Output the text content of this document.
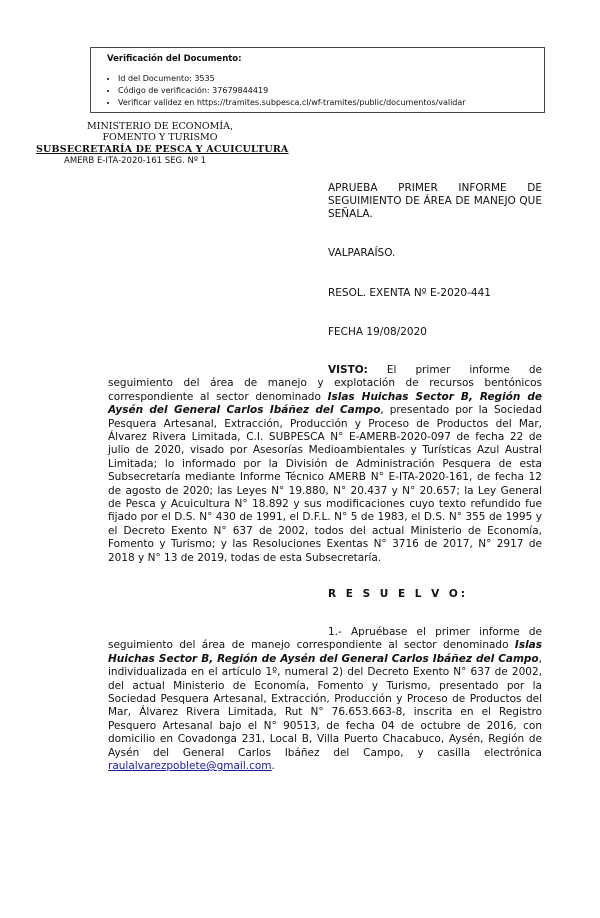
Verificación del Documento:
• Id del Documento: 3535
• Código de verificación: 37679844419
• Verificar validez en https://tramites.subpesca.cl/wf-tramites/public/documentos/validar
MINISTERIO DE ECONOMÍA,
FOMENTO Y TURISMO
SUBSECRETARÍA DE PESCA Y ACUICULTURA
AMERB E-ITA-2020-161 SEG. Nº 1
APRUEBA PRIMER INFORME DE SEGUIMIENTO DE ÁREA DE MANEJO QUE SEÑALA.
VALPARAÍSO.
RESOL. EXENTA Nº E-2020-441
FECHA 19/08/2020
VISTO: El primer informe de seguimiento del área de manejo y explotación de recursos bentónicos correspondiente al sector denominado Islas Huichas Sector B, Región de Aysén del General Carlos Ibáñez del Campo, presentado por la Sociedad Pesquera Artesanal, Extracción, Producción y Proceso de Productos del Mar, Álvarez Rivera Limitada, C.I. SUBPESCA N° E-AMERB-2020-097 de fecha 22 de julio de 2020, visado por Asesorías Medioambientales y Turísticas Azul Austral Limitada; lo informado por la División de Administración Pesquera de esta Subsecretaría mediante Informe Técnico AMERB N° E-ITA-2020-161, de fecha 12 de agosto de 2020; las Leyes N° 19.880, N° 20.437 y N° 20.657; la Ley General de Pesca y Acuicultura N° 18.892 y sus modificaciones cuyo texto refundido fue fijado por el D.S. N° 430 de 1991, el D.F.L. N° 5 de 1983, el D.S. N° 355 de 1995 y el Decreto Exento N° 637 de 2002, todos del actual Ministerio de Economía, Fomento y Turismo; y las Resoluciones Exentas N° 3716 de 2017, N° 2917 de 2018 y N° 13 de 2019, todas de esta Subsecretaría.
R E S U E L V O:
1.- Apruébase el primer informe de seguimiento del área de manejo correspondiente al sector denominado Islas Huichas Sector B, Región de Aysén del General Carlos Ibáñez del Campo, individualizada en el artículo 1º, numeral 2) del Decreto Exento N° 637 de 2002, del actual Ministerio de Economía, Fomento y Turismo, presentado por la Sociedad Pesquera Artesanal, Extracción, Producción y Proceso de Productos del Mar, Álvarez Rivera Limitada, Rut N° 76.653.663-8, inscrita en el Registro Pesquero Artesanal bajo el N° 90513, de fecha 04 de octubre de 2016, con domicilio en Covadonga 231, Local B, Villa Puerto Chacabuco, Aysén, Región de Aysén del General Carlos Ibáñez del Campo, y casilla electrónica raulalvarezpoblete@gmail.com.
